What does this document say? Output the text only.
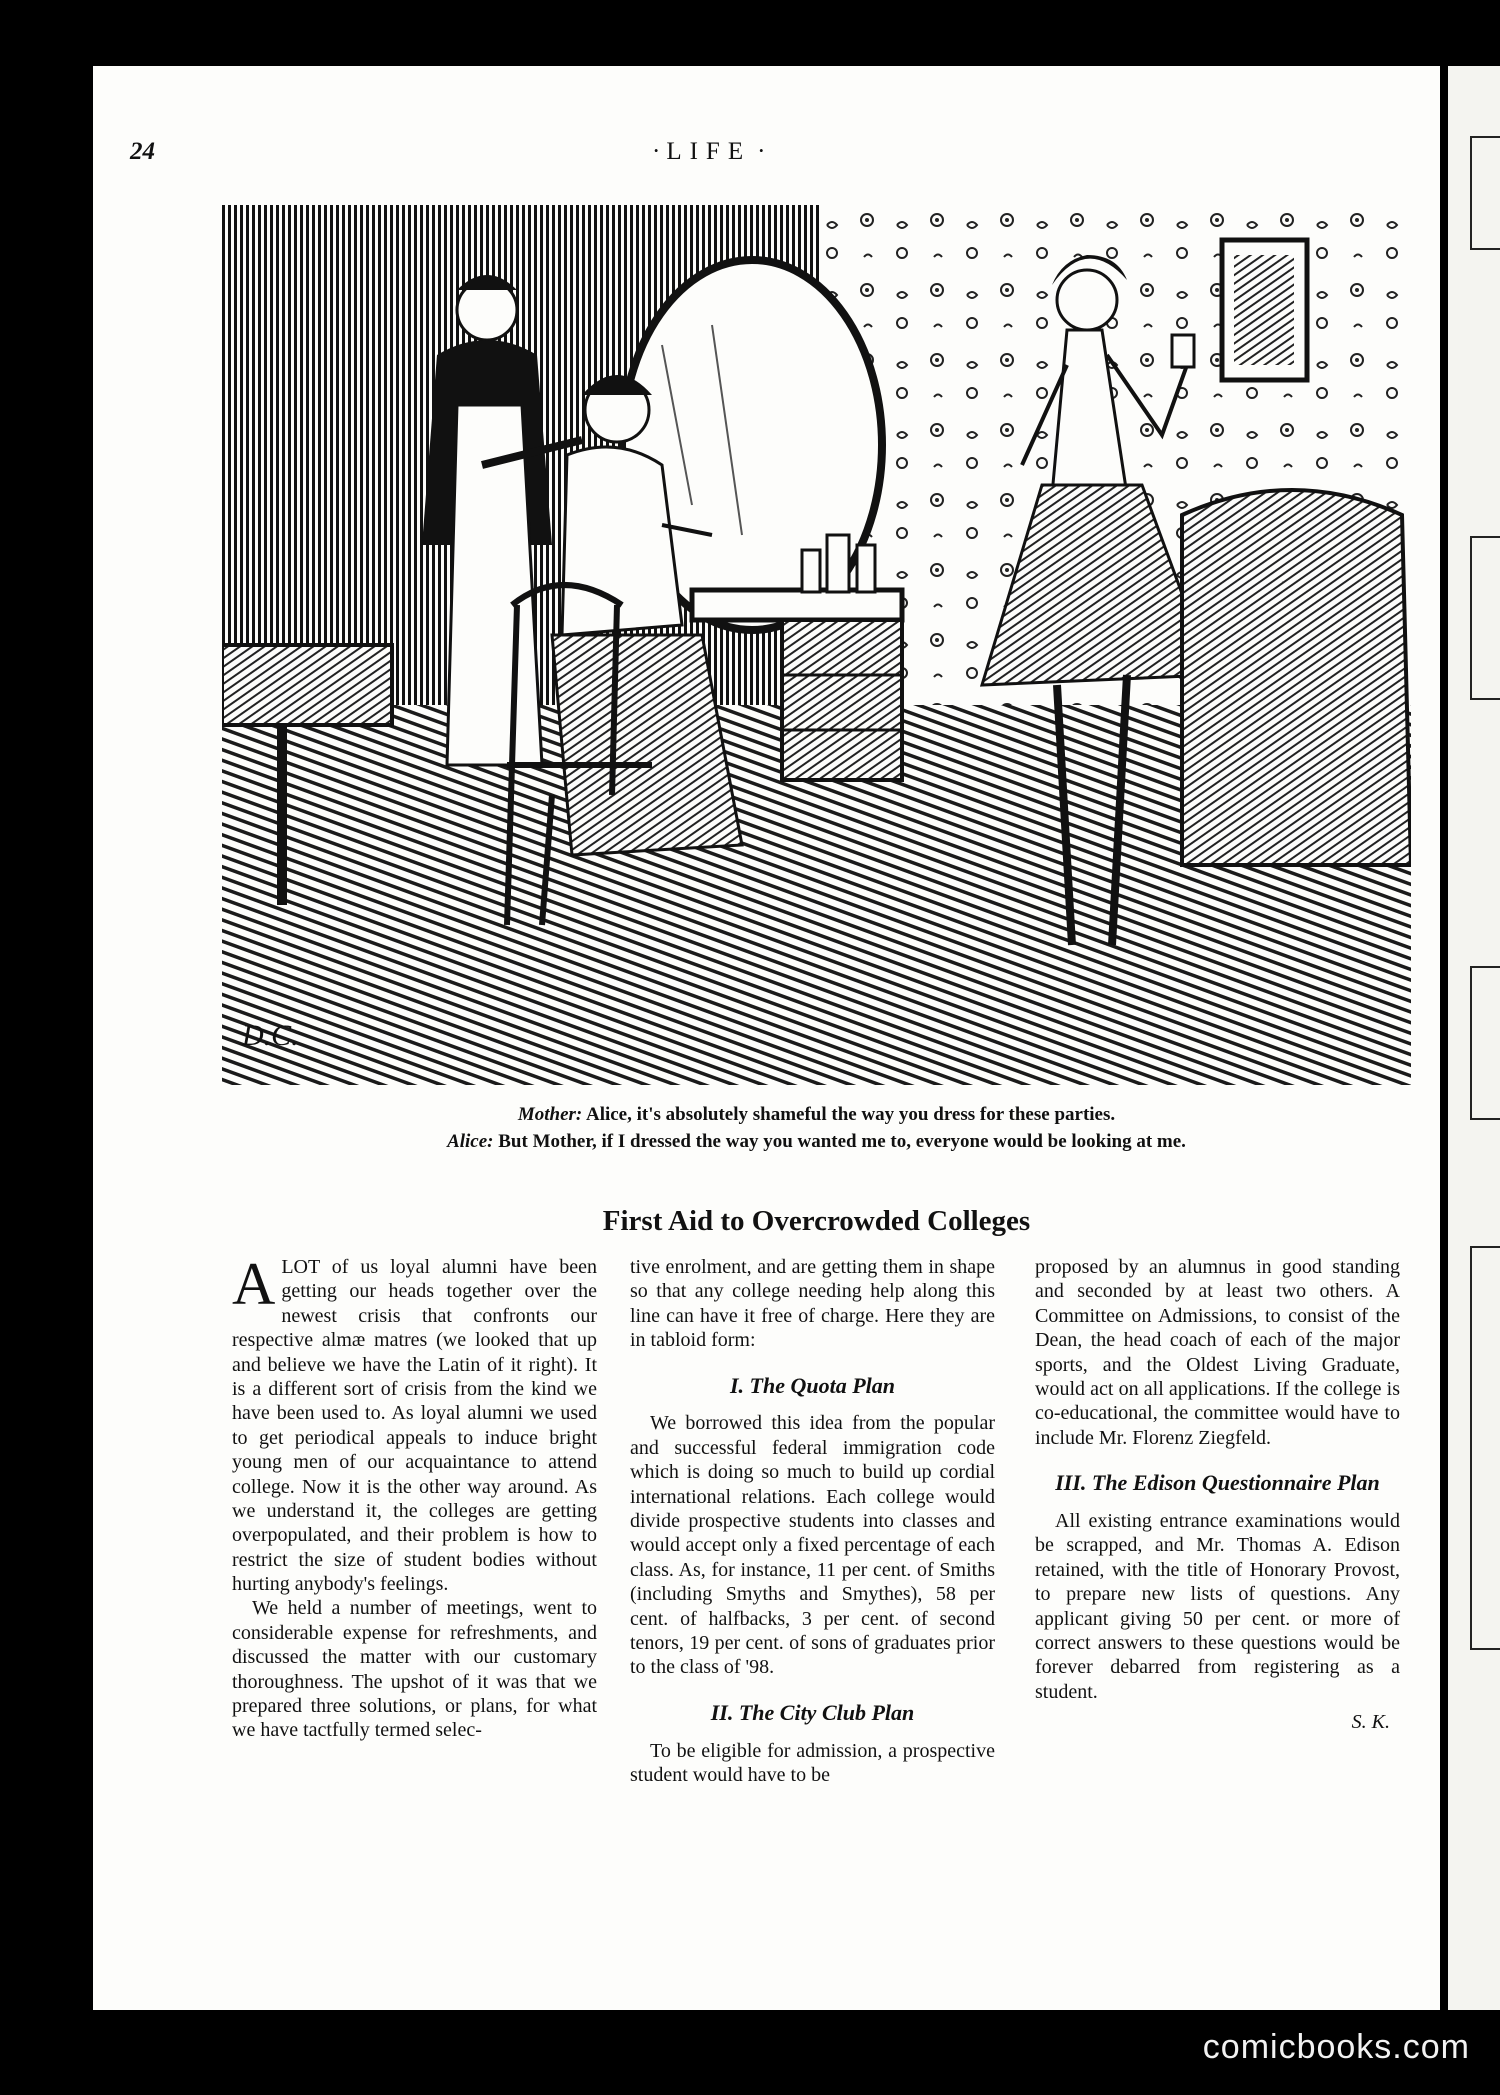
24	· LIFE ·
D.C.
Mother: Alice, it's absolutely shameful the way you dress for these parties.
Alice: But Mother, if I dressed the way you wanted me to, everyone would be looking at me.
First Aid to Overcrowded Colleges

ALOT of us loyal alumni have been getting our heads together over the newest crisis that confronts our respective almæ matres (we looked that up and believe we have the Latin of it right). It is a different sort of crisis from the kind we have been used to. As loyal alumni we used to get periodical appeals to induce bright young men of our acquaintance to attend college. Now it is the other way around. As we understand it, the colleges are getting overpopulated, and their problem is how to restrict the size of student bodies without hurting anybody's feelings.

We held a number of meetings, went to considerable expense for refreshments, and discussed the matter with our customary thoroughness. The upshot of it was that we prepared three solutions, or plans, for what we have tactfully termed selec-

tive enrolment, and are getting them in shape so that any college needing help along this line can have it free of charge. Here they are in tabloid form:

I. The Quota Plan

We borrowed this idea from the popular and successful federal immigration code which is doing so much to build up cordial international relations. Each college would divide prospective students into classes and would accept only a fixed percentage of each class. As, for instance, 11 per cent. of Smiths (including Smyths and Smythes), 58 per cent. of halfbacks, 3 per cent. of second tenors, 19 per cent. of sons of graduates prior to the class of '98.

II. The City Club Plan

To be eligible for admission, a prospective student would have to be

proposed by an alumnus in good standing and seconded by at least two others. A Committee on Admissions, to consist of the Dean, the head coach of each of the major sports, and the Oldest Living Graduate, would act on all applications. If the college is co-educational, the committee would have to include Mr. Florenz Ziegfeld.

III. The Edison Questionnaire Plan

All existing entrance examinations would be scrapped, and Mr. Thomas A. Edison retained, with the title of Honorary Provost, to prepare new lists of questions. Any applicant giving 50 per cent. or more of correct answers to these questions would be forever debarred from registering as a student.

S. K.
comicbooks.com
